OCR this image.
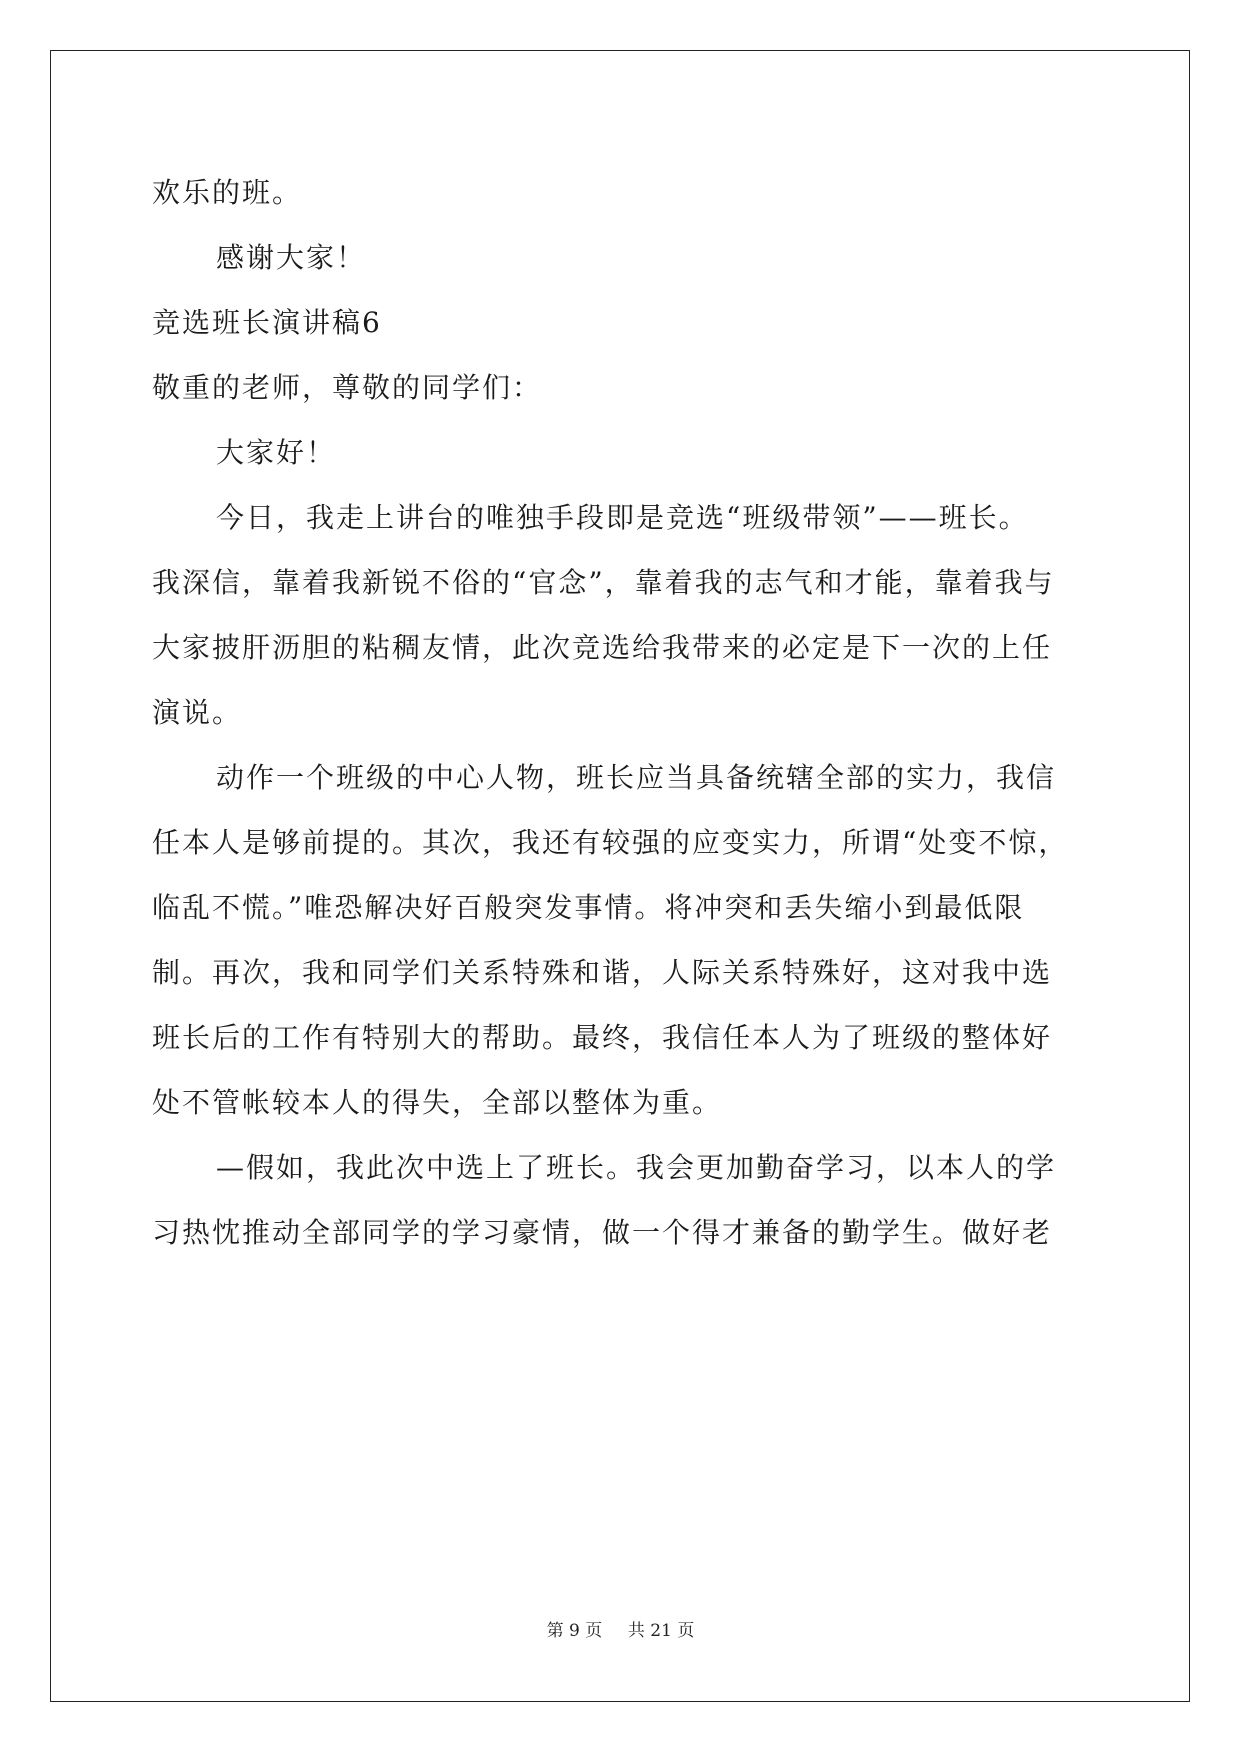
欢乐的班。
感谢大家！
竞选班长演讲稿6
敬重的老师，尊敬的同学们：
大家好！
今日，我走上讲台的唯独手段即是竞选“班级带领”——班长。
我深信，靠着我新锐不俗的“官念”，靠着我的志气和才能，靠着我与
大家披肝沥胆的粘稠友情，此次竞选给我带来的必定是下一次的上任
演说。
动作一个班级的中心人物，班长应当具备统辖全部的实力，我信
任本人是够前提的。其次，我还有较强的应变实力，所谓“处变不惊，
临乱不慌。”唯恐解决好百般突发事情。将冲突和丢失缩小到最低限
制。再次，我和同学们关系特殊和谐，人际关系特殊好，这对我中选
班长后的工作有特别大的帮助。最终，我信任本人为了班级的整体好
处不管帐较本人的得失，全部以整体为重。
—假如，我此次中选上了班长。我会更加勤奋学习，以本人的学
习热忱推动全部同学的学习豪情，做一个得才兼备的勤学生。做好老
第 9 页 共 21 页
